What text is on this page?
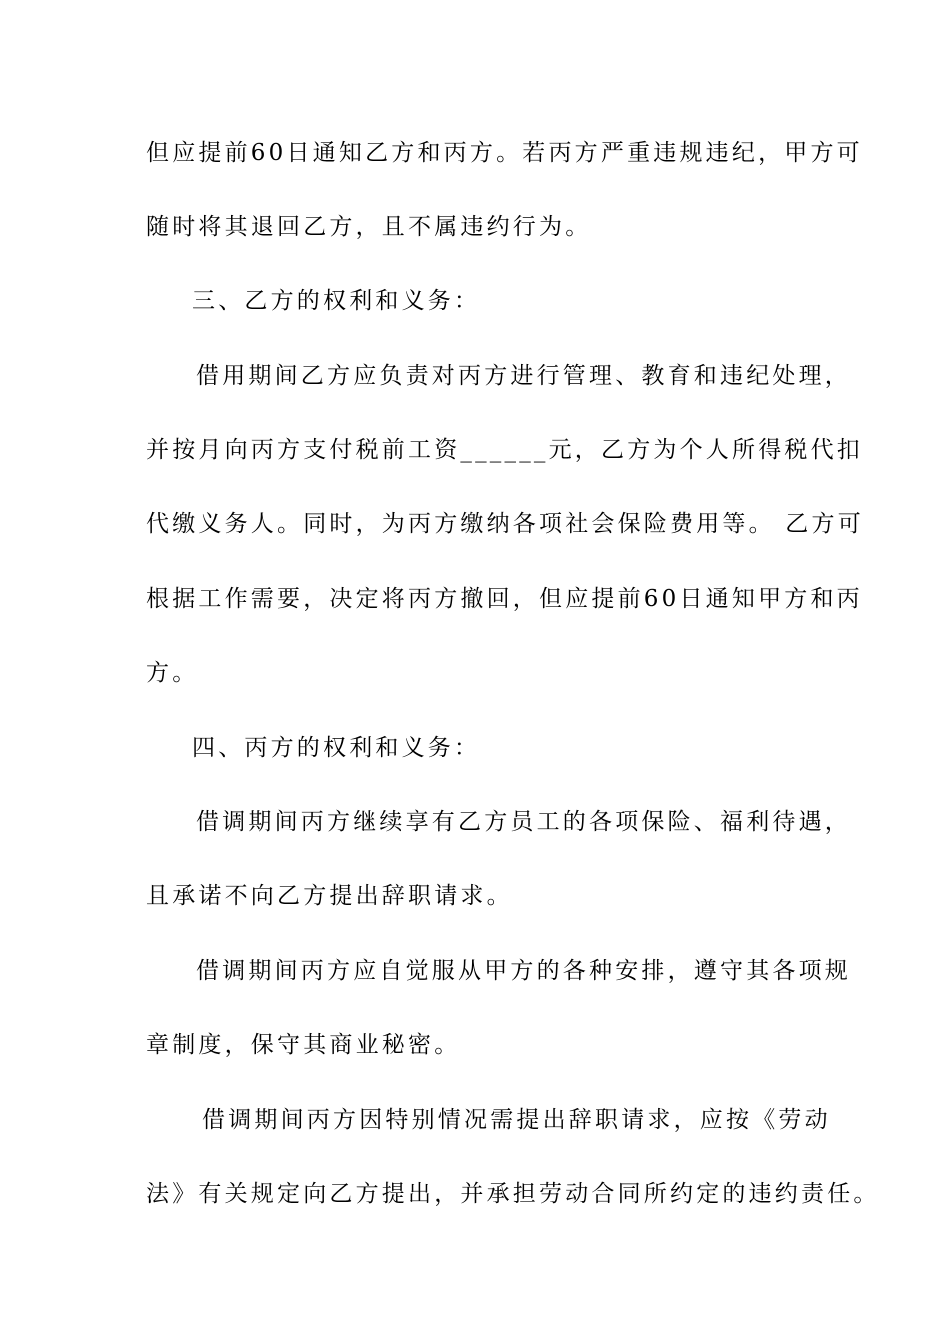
但应提前60日通知乙方和丙方。若丙方严重违规违纪，甲方可
随时将其退回乙方，且不属违约行为。
三、乙方的权利和义务：
借用期间乙方应负责对丙方进行管理、教育和违纪处理，
并按月向丙方支付税前工资______元，乙方为个人所得税代扣
代缴义务人。同时，为丙方缴纳各项社会保险费用等。 乙方可
根据工作需要，决定将丙方撤回，但应提前60日通知甲方和丙
方。
四、丙方的权利和义务：
借调期间丙方继续享有乙方员工的各项保险、福利待遇，
且承诺不向乙方提出辞职请求。
借调期间丙方应自觉服从甲方的各种安排，遵守其各项规
章制度，保守其商业秘密。
借调期间丙方因特别情况需提出辞职请求，应按《劳动
法》有关规定向乙方提出，并承担劳动合同所约定的违约责任。
